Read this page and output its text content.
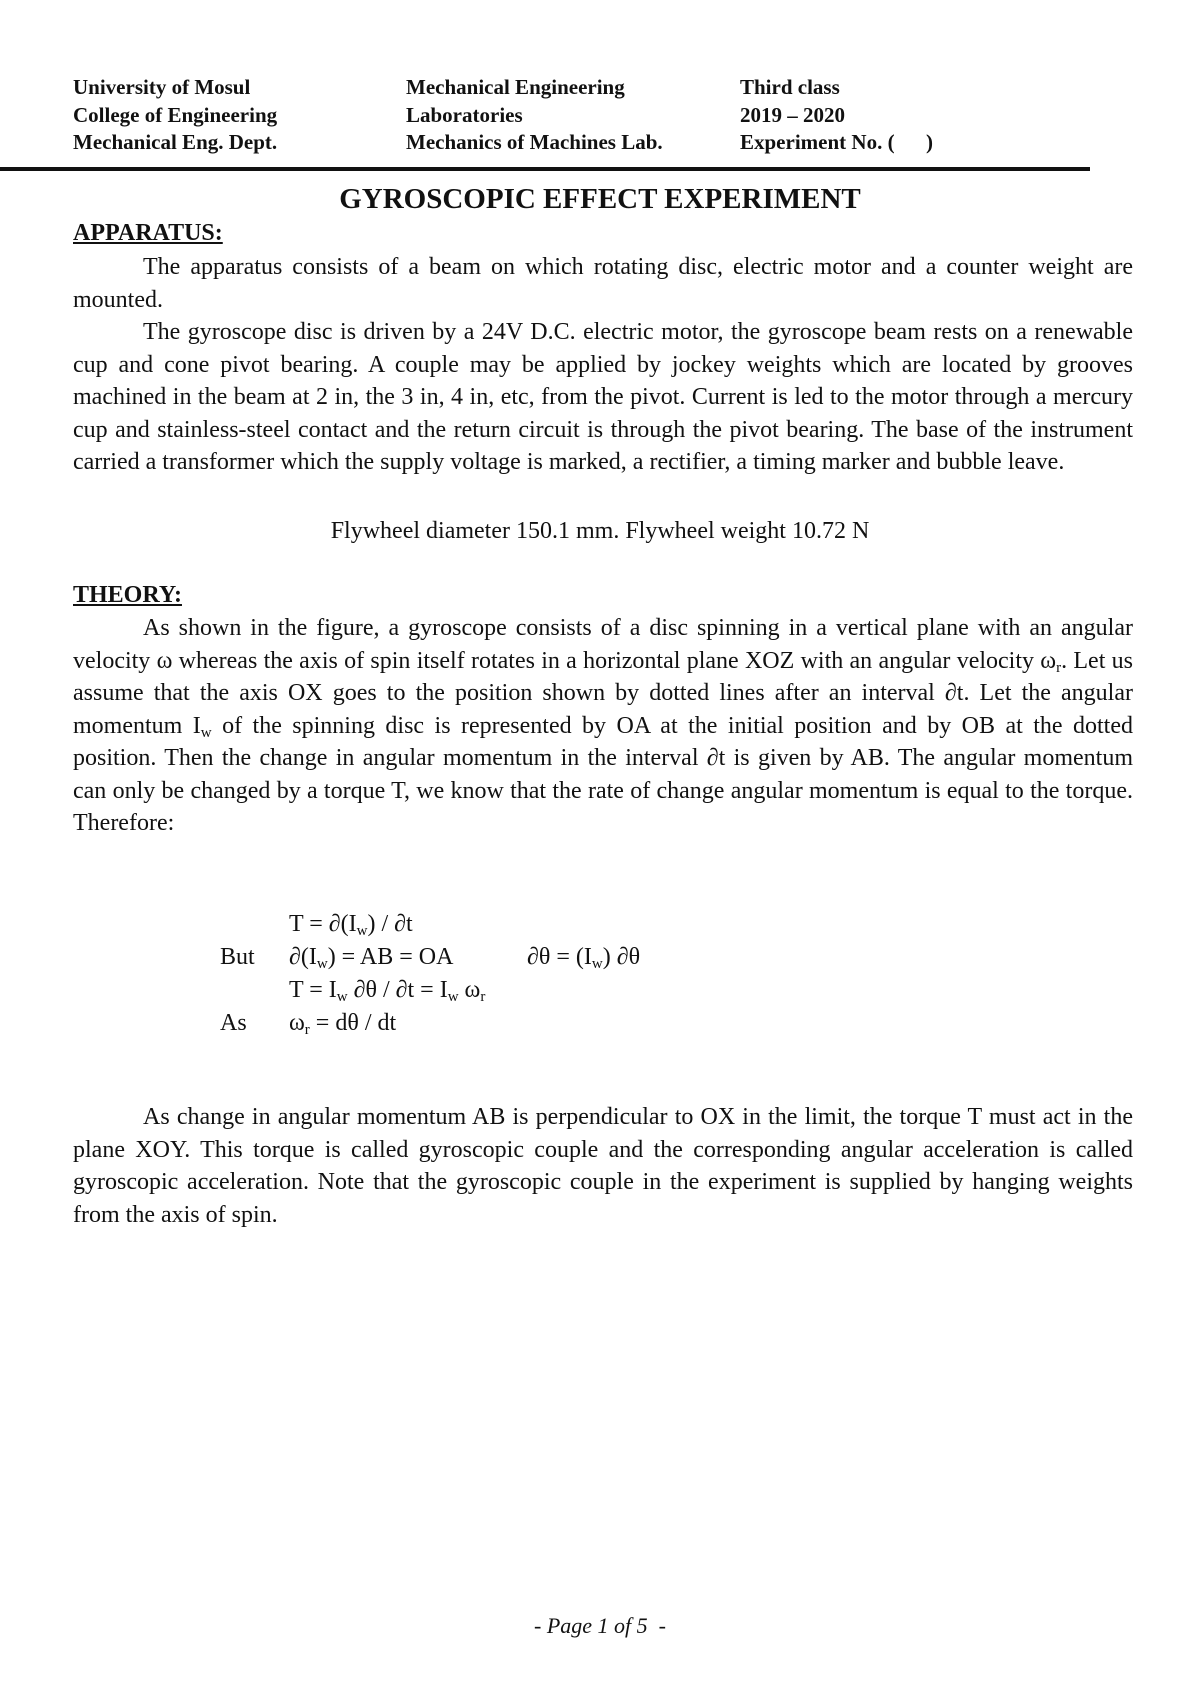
University of Mosul
College of Engineering
Mechanical Eng. Dept.
Mechanical Engineering
Laboratories
Mechanics of Machines Lab.
Third class
2019 – 2020
Experiment No. (      )
GYROSCOPIC EFFECT EXPERIMENT
APPARATUS:
The apparatus consists of a beam on which rotating disc, electric motor and a counter weight are mounted.
The gyroscope disc is driven by a 24V D.C. electric motor, the gyroscope beam rests on a renewable cup and cone pivot bearing. A couple may be applied by jockey weights which are located by grooves machined in the beam at 2 in, the 3 in, 4 in, etc, from the pivot. Current is led to the motor through a mercury cup and stainless-steel contact and the return circuit is through the pivot bearing. The base of the instrument carried a transformer which the supply voltage is marked, a rectifier, a timing marker and bubble leave.
Flywheel diameter 150.1 mm. Flywheel weight 10.72 N
THEORY:
As shown in the figure, a gyroscope consists of a disc spinning in a vertical plane with an angular velocity ω whereas the axis of spin itself rotates in a horizontal plane XOZ with an angular velocity $\omega_r$. Let us assume that the axis OX goes to the position shown by dotted lines after an interval ∂t. Let the angular momentum $I_w$ of the spinning disc is represented by OA at the initial position and by OB at the dotted position. Then the change in angular momentum in the interval ∂t is given by AB. The angular momentum can only be changed by a torque T, we know that the rate of change angular momentum is equal to the torque. Therefore:
$T = \partial(I_w) / \partial t$
But $\partial(I_w)$ = AB = OA	$\partial\theta = (I_w)$ ∂θ
$T = I_w$ $\partial\theta / \partial t = I_w$ $\omega_r$
As $\omega_r = d\theta$ / dt
As change in angular momentum AB is perpendicular to OX in the limit, the torque T must act in the plane XOY. This torque is called gyroscopic couple and the corresponding angular acceleration is called gyroscopic acceleration. Note that the gyroscopic couple in the experiment is supplied by hanging weights from the axis of spin.
- Page 1 of 5  -
